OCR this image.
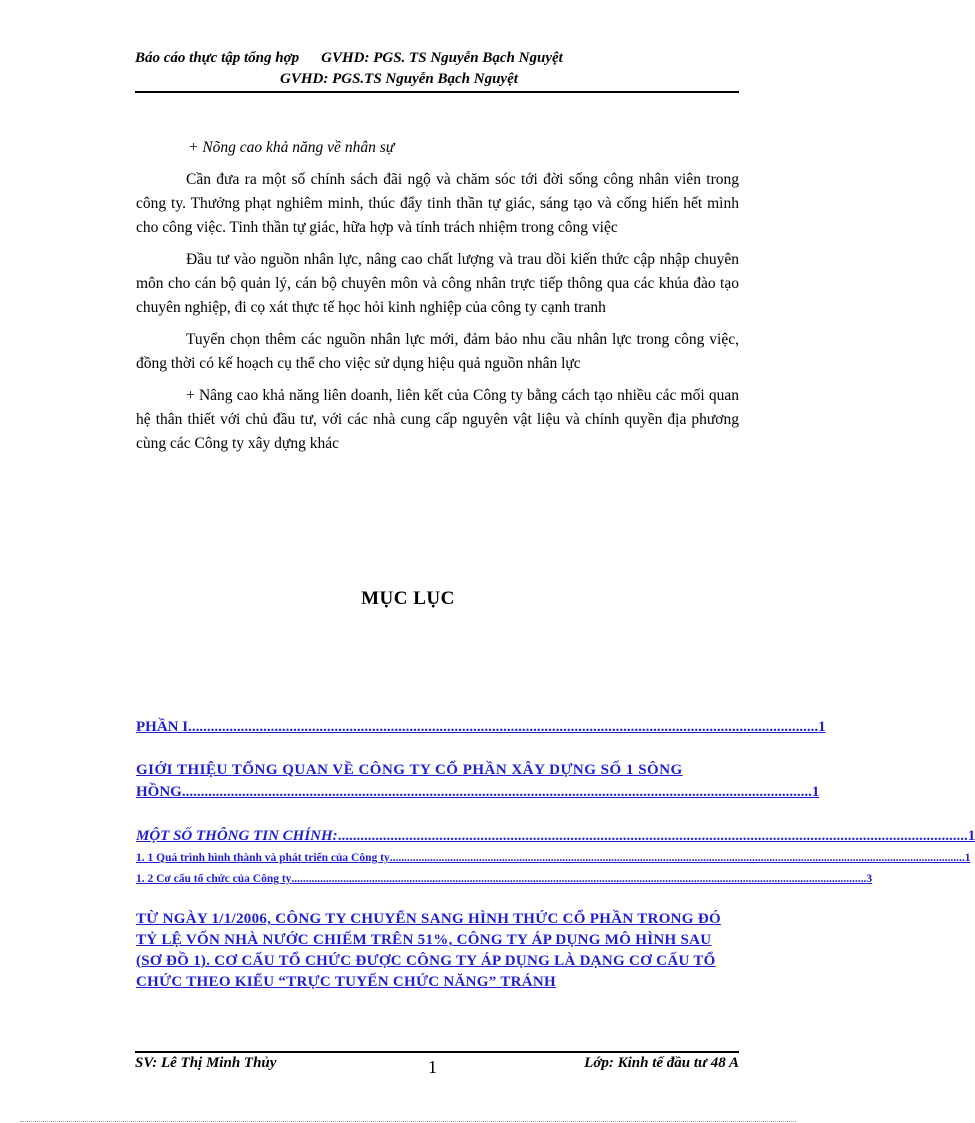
Báo cáo thực tập tổng hợp GVHD: PGS. TS Nguyễn Bạch Nguyệt
GVHD: PGS.TS Nguyễn Bạch Nguyệt
+ Nõng cao khả năng về nhân sự

Cần đưa ra một số chính sách đãi ngộ và chăm sóc tới đời sống công nhân viên trong công ty. Thưởng phạt nghiêm minh, thúc đẩy tinh thần tự giác, sáng tạo và cống hiến hết mình cho công việc. Tinh thần tự giác, hữa hợp và tính trách nhiệm trong công việc

Đầu tư vào nguồn nhân lực, nâng cao chất lượng và trau dồi kiến thức cập nhập chuyên môn cho cán bộ quản lý, cán bộ chuyên môn và công nhân trực tiếp thông qua các khúa đào tạo chuyên nghiệp, đi cọ xát thực tế học hỏi kinh nghiệp của công ty cạnh tranh

Tuyển chọn thêm các nguồn nhân lực mới, đảm bảo nhu cầu nhân lực trong công việc, đồng thời có kế hoạch cụ thể cho việc sử dụng hiệu quả nguồn nhân lực

+ Nâng cao khả năng liên doanh, liên kết của Công ty bằng cách tạo nhiều các mối quan hệ thân thiết với chủ đầu tư, với các nhà cung cấp nguyên vật liệu và chính quyền địa phương cùng các Công ty xây dựng khác

MỤC LỤC
PHẦN I ........................................................................................................................................................................ 1
GIỚI THIỆU TỔNG QUAN VỀ CÔNG TY CỔ PHẦN XÂY DỰNG SỐ 1 SÔNG
HỒNG ........................................................................................................................................................................ 1
MỘT SỐ THÔNG TIN CHÍNH: ........................................................................................................................................................................ 1
1. 1 Quá trình hình thành và phát triển của Công ty ........................................................................................................................................................................................................ 1
1. 2 Cơ cấu tổ chức của Công ty ........................................................................................................................................................................................................ 3
TỪ NGÀY 1/1/2006, CÔNG TY CHUYỂN SANG HÌNH THỨC CỔ PHẦN TRONG ĐÓ TỶ LỆ VỐN NHÀ NƯỚC CHIẾM TRÊN 51%, CÔNG TY ÁP DỤNG MÔ HÌNH SAU (SƠ ĐỒ 1). CƠ CẤU TỔ CHỨC ĐƯỢC CÔNG TY ÁP DỤNG LÀ DẠNG CƠ CẤU TỔ CHỨC THEO KIỂU “TRỰC TUYẾN CHỨC NĂNG” TRÁNH
SV: Lê Thị Minh Thủy	1	Lớp: Kinh tế đầu tư 48 A
